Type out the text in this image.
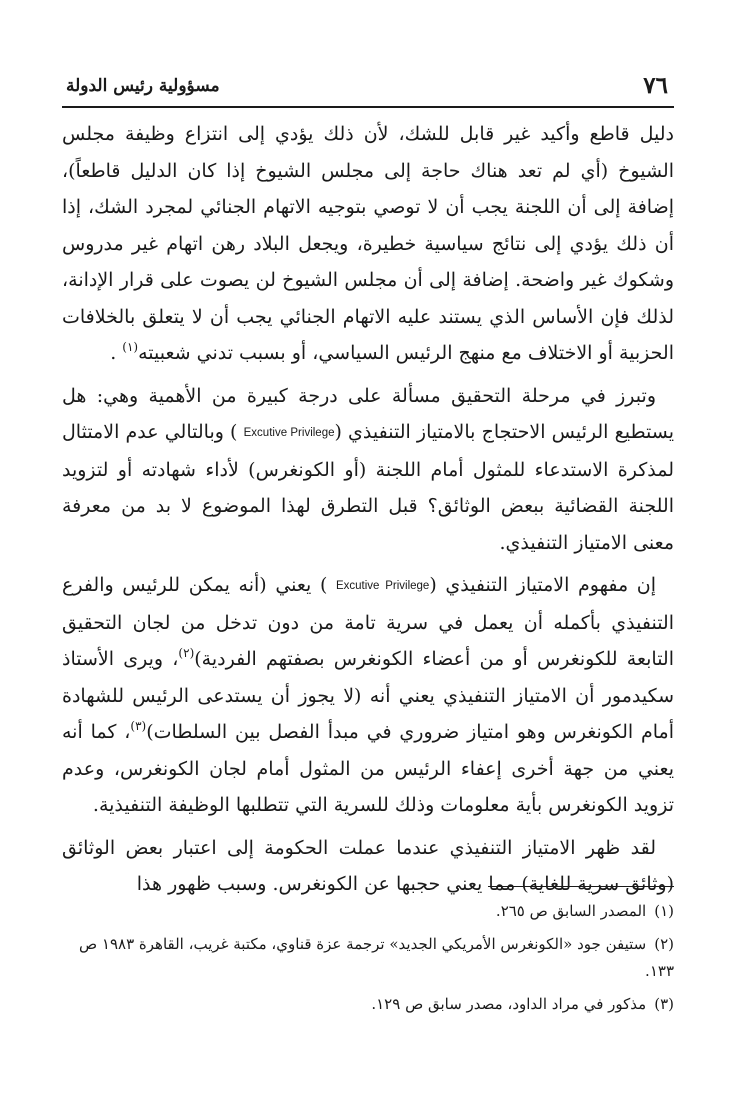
٧٦
مسؤولية رئيس الدولة

دليل قاطع وأكيد غير قابل للشك، لأن ذلك يؤدي إلى انتزاع وظيفة مجلس الشيوخ (أي لم تعد هناك حاجة إلى مجلس الشيوخ إذا كان الدليل قاطعاً)، إضافة إلى أن اللجنة يجب أن لا توصي بتوجيه الاتهام الجنائي لمجرد الشك، إذا أن ذلك يؤدي إلى نتائج سياسية خطيرة، ويجعل البلاد رهن اتهام غير مدروس وشكوك غير واضحة. إضافة إلى أن مجلس الشيوخ لن يصوت على قرار الإدانة، لذلك فإن الأساس الذي يستند عليه الاتهام الجنائي يجب أن لا يتعلق بالخلافات الحزبية أو الاختلاف مع منهج الرئيس السياسي، أو بسبب تدني شعبيته$^{(١)}$ .

وتبرز في مرحلة التحقيق مسألة على درجة كبيرة من الأهمية وهي: هل يستطيع الرئيس الاحتجاج بالامتياز التنفيذي (Excutive Privilege ) وبالتالي عدم الامتثال لمذكرة الاستدعاء للمثول أمام اللجنة (أو الكونغرس) لأداء شهادته أو لتزويد اللجنة القضائية ببعض الوثائق؟ قبل التطرق لهذا الموضوع لا بد من معرفة معنى الامتياز التنفيذي.

إن مفهوم الامتياز التنفيذي (Excutive Privilege ) يعني (أنه يمكن للرئيس والفرع التنفيذي بأكمله أن يعمل في سرية تامة من دون تدخل من لجان التحقيق التابعة للكونغرس أو من أعضاء الكونغرس بصفتهم الفردية)$^{(٢)}$، ويرى الأستاذ سكيدمور أن الامتياز التنفيذي يعني أنه (لا يجوز أن يستدعى الرئيس للشهادة أمام الكونغرس وهو امتياز ضروري في مبدأ الفصل بين السلطات)$^{(٣)}$، كما أنه يعني من جهة أخرى إعفاء الرئيس من المثول أمام لجان الكونغرس، وعدم تزويد الكونغرس بأية معلومات وذلك للسرية التي تتطلبها الوظيفة التنفيذية.

لقد ظهر الامتياز التنفيذي عندما عملت الحكومة إلى اعتبار بعض الوثائق (وثائق سرية للغاية) مما يعني حجبها عن الكونغرس. وسبب ظهور هذا

(١)المصدر السابق ص ٢٦٥.
(٢)ستيفن جود «الكونغرس الأمريكي الجديد» ترجمة عزة قناوي، مكتبة غريب، القاهرة ١٩٨٣ ص ١٣٣.
(٣)مذكور في مراد الداود، مصدر سابق ص ١٢٩.
